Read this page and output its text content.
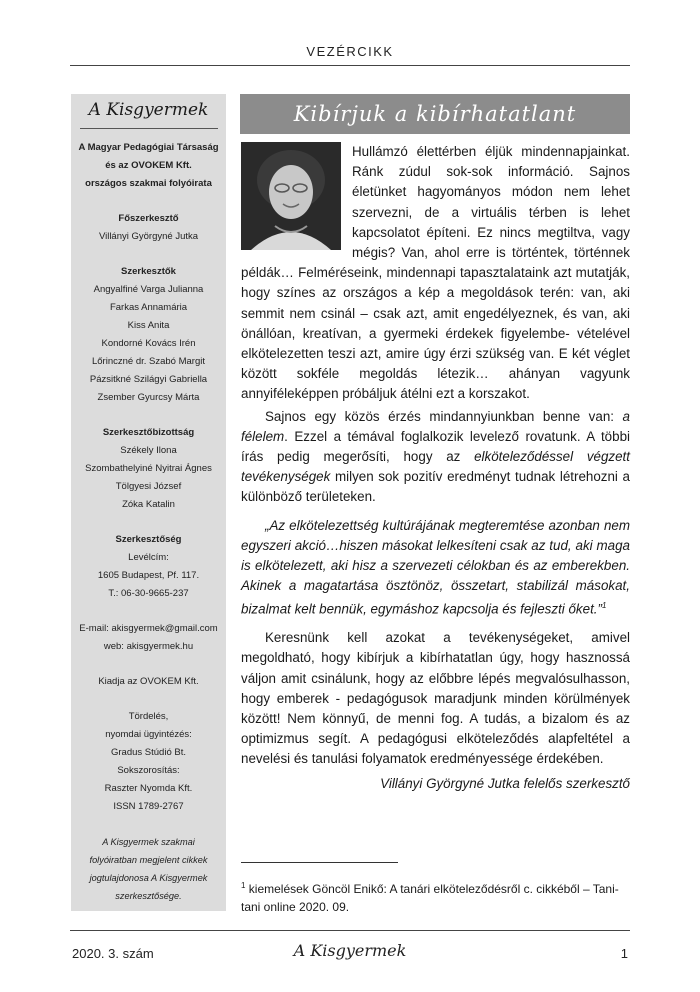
VEZÉRCIKK
A Kisgyermek
A Magyar Pedagógiai Társaság
és az OVOKEM Kft.
országos szakmai folyóirata
Főszerkesztő
Villányi Györgyné Jutka
Szerkesztők
Angyalfiné Varga Julianna
Farkas Annamária
Kiss Anita
Kondorné Kovács Irén
Lőrinczné dr. Szabó Margit
Pázsitkné Szilágyi Gabriella
Zsember Gyurcsy Márta
Szerkesztőbizottság
Székely Ilona
Szombathelyiné Nyitrai Ágnes
Tölgyesi József
Zóka Katalin
Szerkesztőség
Levélcím:
1605 Budapest, Pf. 117.
T.: 06-30-9665-237
E-mail: akisgyermek@gmail.com
web: akisgyermek.hu
Kiadja az OVOKEM Kft.
Tördelés,
nyomdai ügyintézés:
Gradus Stúdió Bt.
Sokszorosítás:
Raszter Nyomda Kft.
ISSN 1789-2767
A Kisgyermek szakmai
folyóiratban megjelent cikkek
jogtulajdonosa A Kisgyermek
szerkesztősége.
Kibírjuk a kibírhatatlant

Hullámzó élettérben éljük mindennapjainkat. Ránk zúdul sok-sok információ. Sajnos életünket hagyományos módon nem lehet szervezni, de a virtuális térben is lehet kapcsolatot építeni. Ez nincs megtiltva, vagy mégis? Van, ahol erre is történtek, történnek példák… Felméréseink, mindennapi tapasztalataink azt mutatják, hogy színes az országos a kép a megoldások terén: van, aki semmit nem csinál – csak azt, amit engedélyeznek, és van, aki önállóan, kreatívan, a gyermeki érdekek figyelembe- vételével elkötelezetten teszi azt, amire úgy érzi szükség van. E két véglet között sokféle megoldás létezik… ahányan vagyunk annyiféleképpen próbáljuk átélni ezt a korszakot.

Sajnos egy közös érzés mindannyiunkban benne van: a félelem. Ezzel a témával foglalkozik levelező rovatunk. A többi írás pedig megerősíti, hogy az elköteleződéssel végzett tevékenységek milyen sok pozitív eredményt tudnak létrehozni a különböző területeken.

„Az elkötelezettség kultúrájának megteremtése azonban nem egyszeri akció…hiszen másokat lelkesíteni csak az tud, aki maga is elkötelezett, aki hisz a szervezeti célokban és az emberekben. Akinek a magatartása ösztönöz, összetart, stabilizál másokat, bizalmat kelt bennük, egymáshoz kapcsolja és fejleszti őket.”$^1$

Keresnünk kell azokat a tevékenységeket, amivel megoldható, hogy kibírjuk a kibírhatatlan úgy, hogy hasznossá váljon amit csinálunk, hogy az előbbre lépés megvalósulhasson, hogy emberek - pedagógusok maradjunk minden körülmények között! Nem könnyű, de menni fog. A tudás, a bizalom és az optimizmus segít. A pedagógusi elköteleződés alapfeltétel a nevelési és tanulási folyamatok eredményessége érdekében.

Villányi Györgyné Jutka felelős szerkesztő

$^1$ kiemelések Göncöl Enikő: A tanári elköteleződésről c. cikkéből – Tani-tani online 2020. 09.
2020. 3. szám	A Kisgyermek	1
